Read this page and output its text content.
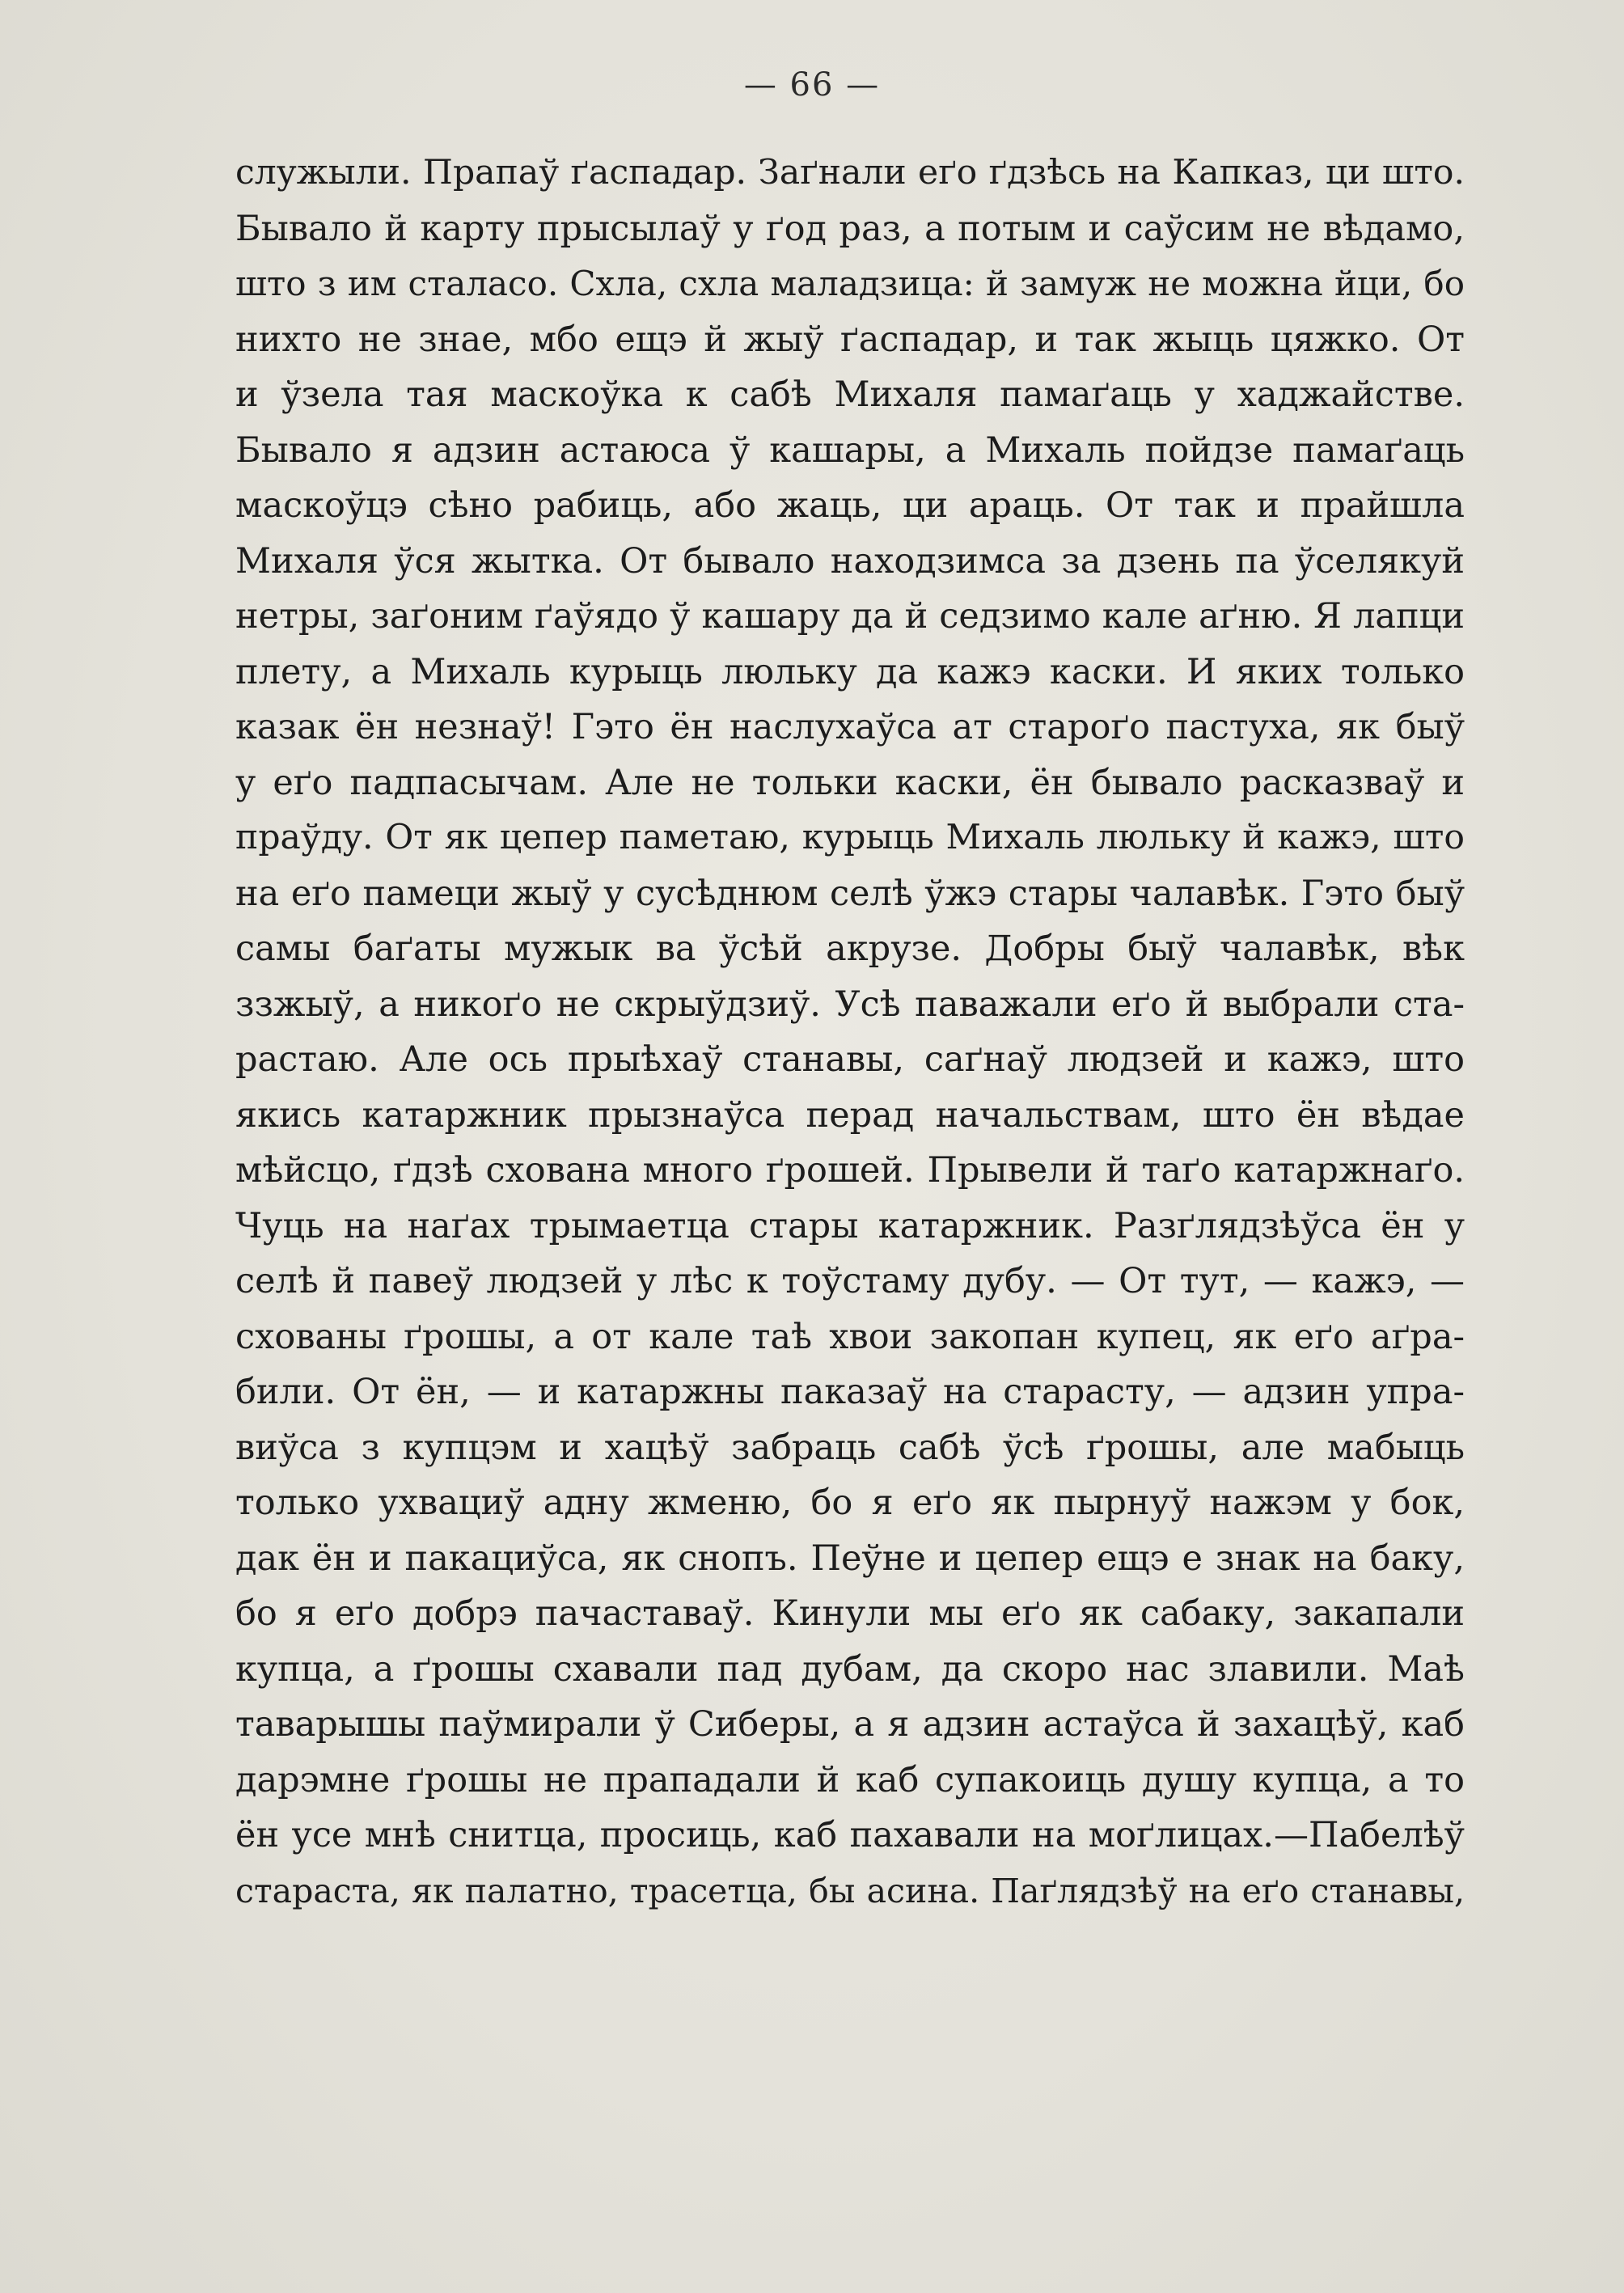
— 66 —

служыли. Прапаў ґаспадар. Заґнали еґо ґдзѣсь на Капказ, ци што.
Бывало й карту прысылаў у ґод раз, а потым и саўсим не вѣдамо,
што з им сталасо. Схла, схла маладзица: й замуж не можна йци, бо
нихто не знае, мбо ещэ й жыў ґаспадар, и так жыць цяжко. От
и ўзела тая маскоўка к сабѣ Михаля памаґаць у хаджайстве.
Бывало я адзин астаюса ў кашары, а Михаль пойдзе памаґаць
маскоўцэ сѣно рабиць, або жаць, ци араць. От так и прайшла
Михаля ўся жытка. От бывало находзимса за дзень па ўселякуй
нетры, заґоним ґаўядо ў кашару да й седзимо кале аґню. Я лапци
плету, а Михаль курыць люльку да кажэ каски. И яких только
казак ён незнаў! Гэто ён наслухаўса ат староґо пастуха, як быў
у еґо падпасычам. Але не тольки каски, ён бывало расказваў и
праўду. От як цепер паметаю, курыць Михаль люльку й кажэ, што
на еґо памеци жыў у сусѣднюм селѣ ўжэ стары чалавѣк. Гэто быў
самы баґаты мужык ва ўсѣй акрузе. Добры быў чалавѣк, вѣк
ззжыў, а никоґо не скрыўдзиў. Усѣ паважали еґо й выбрали ста-
растаю. Але ось прыѣхаў станавы, саґнаў людзей и кажэ, што
якись катаржник прызнаўса перад начальствам, што ён вѣдае
мѣйсцо, ґдзѣ схована много ґрошей. Прывели й таґо катаржнаґо.
Чуць на наґах трымаетца стары катаржник. Разґлядзѣўса ён у
селѣ й павеў людзей у лѣс к тоўстаму дубу. — От тут, — кажэ, —
схованы ґрошы, а от кале таѣ хвои закопан купец, як еґо аґра-
били. От ён, — и катаржны паказаў на старасту, — адзин упра-
виўса з купцэм и хацѣў забраць сабѣ ўсѣ ґрошы, але мабыць
только ухвациў адну жменю, бо я еґо як пырнуў нажэм у бок,
дак ён и пакациўса, як снопъ. Пеўне и цепер ещэ е знак на баку,
бо я еґо добрэ пачаставаў. Кинули мы еґо як сабаку, закапали
купца, а ґрошы схавали пад дубам, да скоро нас злавили. Маѣ
таварышы паўмирали ў Сиберы, а я адзин астаўса й захацѣў, каб
дарэмне ґрошы не прападали й каб супакоиць душу купца, а то
ён усе мнѣ снитца, просиць, каб пахавали на моґлицах.—Пабелѣў
стараста, як палатно, трасетца, бы асина. Паґлядзѣў на еґо станавы,
